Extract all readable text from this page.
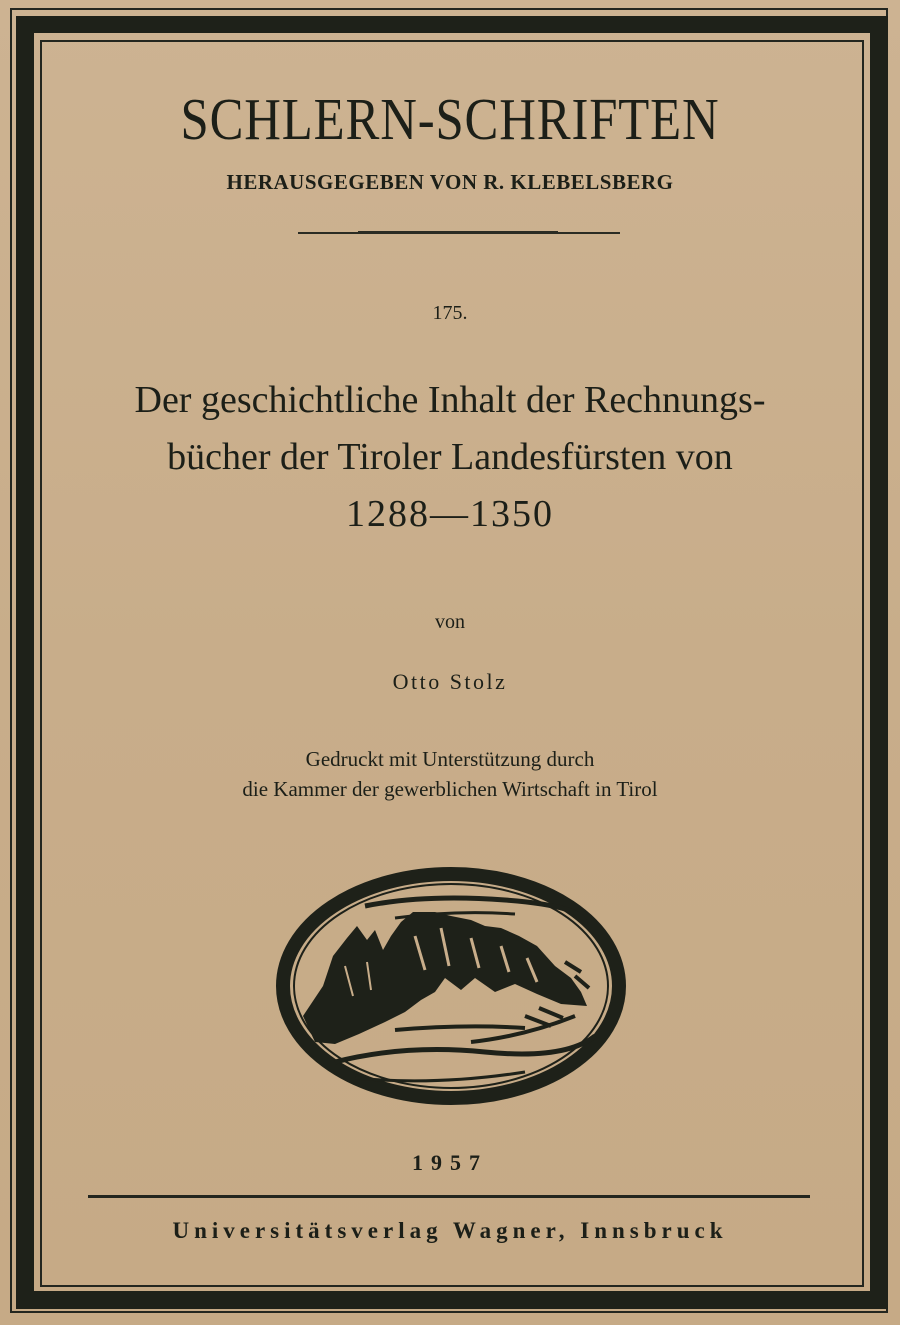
SCHLERN-SCHRIFTEN
HERAUSGEGEBEN VON R. KLEBELSBERG
175.
Der geschichtliche Inhalt der Rechnungs-
bücher der Tiroler Landesfürsten von
1288—1350
von
Otto Stolz
Gedruckt mit Unterstützung durch
die Kammer der gewerblichen Wirtschaft in Tirol
1957
Universitätsverlag Wagner, Innsbruck
